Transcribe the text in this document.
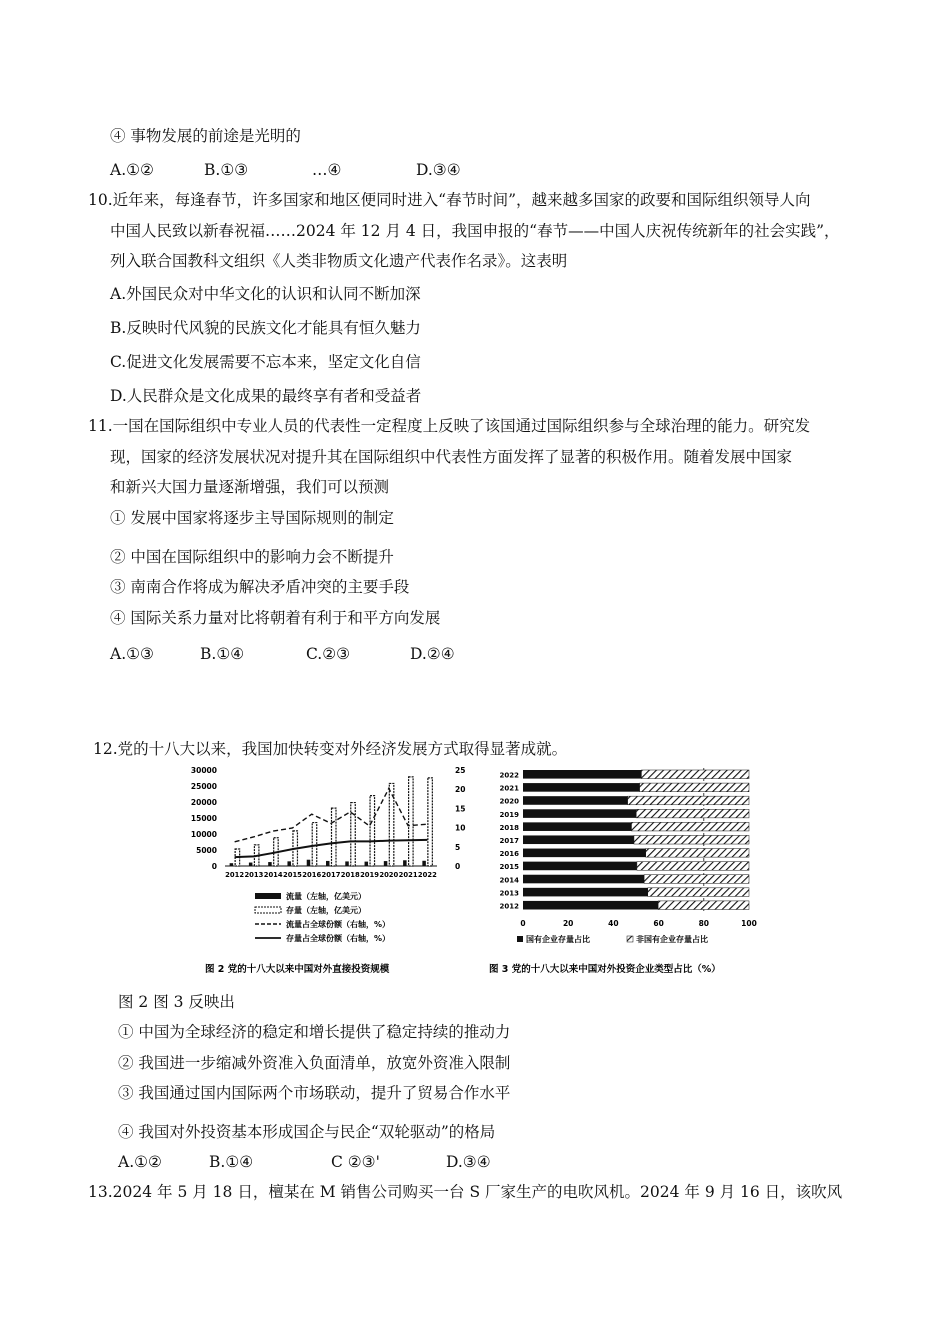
④ 事物发展的前途是光明的
A.①②	B.①③	…④	D.③④
10.近年来，每逢春节，许多国家和地区便同时进入“春节时间”，越来越多国家的政要和国际组织领导人向
中国人民致以新春祝福……2024 年 12 月 4 日，我国申报的“春节——中国人庆祝传统新年的社会实践”，
列入联合国教科文组织《人类非物质文化遗产代表作名录》。这表明
A.外国民众对中华文化的认识和认同不断加深
B.反映时代风貌的民族文化才能具有恒久魅力
C.促进文化发展需要不忘本来，坚定文化自信
D.人民群众是文化成果的最终享有者和受益者
11.一国在国际组织中专业人员的代表性一定程度上反映了该国通过国际组织参与全球治理的能力。研究发
现，国家的经济发展状况对提升其在国际组织中代表性方面发挥了显著的积极作用。随着发展中国家
和新兴大国力量逐渐增强，我们可以预测
① 发展中国家将逐步主导国际规则的制定
② 中国在国际组织中的影响力会不断提升
③ 南南合作将成为解决矛盾冲突的主要手段
④ 国际关系力量对比将朝着有利于和平方向发展
A.①③	B.①④	C.②③	D.②④
12.党的十八大以来，我国加快转变对外经济发展方式取得显著成就。
30000
25000
20000
15000
10000
5000
0
25
20
15
10
5
0
2012 2013 2014 2015 2016 2017 2018 2019 2020 2021 2022
流量（左轴，亿美元）
存量（左轴，亿美元）
流量占全球份额（右轴，%）
存量占全球份额（右轴，%）
图 2 党的十八大以来中国对外直接投资规模
0	20	40	60	80	100
2022
2021
2020
2019
2018
2017
2016
2015
2014
2013
2012
国有企业存量占比	非国有企业存量占比
图 3 党的十八大以来中国对外投资企业类型占比（%）
图 2 图 3 反映出
① 中国为全球经济的稳定和增长提供了稳定持续的推动力
② 我国进一步缩减外资准入负面清单，放宽外资准入限制
③ 我国通过国内国际两个市场联动，提升了贸易合作水平
④ 我国对外投资基本形成国企与民企“双轮驱动”的格局
A.①②	B.①④	C ②③'	D.③④
13.2024 年 5 月 18 日，檀某在 M 销售公司购买一台 S 厂家生产的电吹风机。2024 年 9 月 16 日，该吹风
